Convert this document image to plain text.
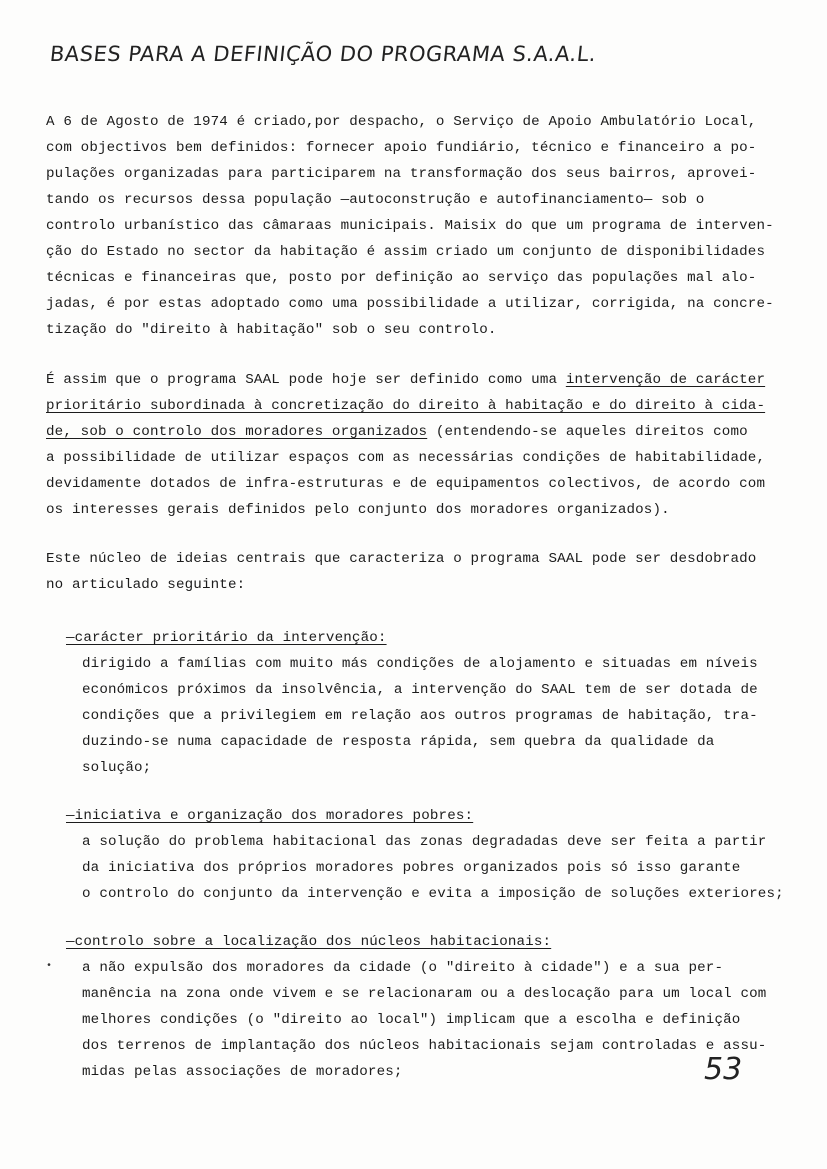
BASES PARA A DEFINIÇÃO DO PROGRAMA S.A.A.L.
A 6 de Agosto de 1974 é criado,por despacho, o Serviço de Apoio Ambulatório Local,
com objectivos bem definidos: fornecer apoio fundiário, técnico e financeiro a po-
pulações organizadas para participarem na transformação dos seus bairros, aprovei-
tando os recursos dessa população —autoconstrução e autofinanciamento— sob o
controlo urbanístico das câmaraas municipais. Maisix do que um programa de interven-
ção do Estado no sector da habitação é assim criado um conjunto de disponibilidades
técnicas e financeiras que, posto por definição ao serviço das populações mal alo-
jadas, é por estas adoptado como uma possibilidade a utilizar, corrigida, na concre-
tização do "direito à habitação" sob o seu controlo.
É assim que o programa SAAL pode hoje ser definido como uma intervenção de carácter
prioritário subordinada à concretização do direito à habitação e do direito à cida-
de, sob o controlo dos moradores organizados (entendendo-se aqueles direitos como
a possibilidade de utilizar espaços com as necessárias condições de habitabilidade,
devidamente dotados de infra-estruturas e de equipamentos colectivos, de acordo com
os interesses gerais definidos pelo conjunto dos moradores organizados).
Este núcleo de ideias centrais que caracteriza o programa SAAL pode ser desdobrado
no articulado seguinte:
—carácter prioritário da intervenção:
dirigido a famílias com muito más condições de alojamento e situadas em níveis
económicos próximos da insolvência, a intervenção do SAAL tem de ser dotada de
condições que a privilegiem em relação aos outros programas de habitação, tra-
duzindo-se numa capacidade de resposta rápida, sem quebra da qualidade da
solução;
—iniciativa e organização dos moradores pobres:
a solução do problema habitacional das zonas degradadas deve ser feita a partir
da iniciativa dos próprios moradores pobres organizados pois só isso garante
o controlo do conjunto da intervenção e evita a imposição de soluções exteriores;
—controlo sobre a localização dos núcleos habitacionais:
• a não expulsão dos moradores da cidade (o "direito à cidade") e a sua per-
manência na zona onde vivem e se relacionaram ou a deslocação para um local com
melhores condições (o "direito ao local") implicam que a escolha e definição
dos terrenos de implantação dos núcleos habitacionais sejam controladas e assu-
midas pelas associações de moradores;	53
